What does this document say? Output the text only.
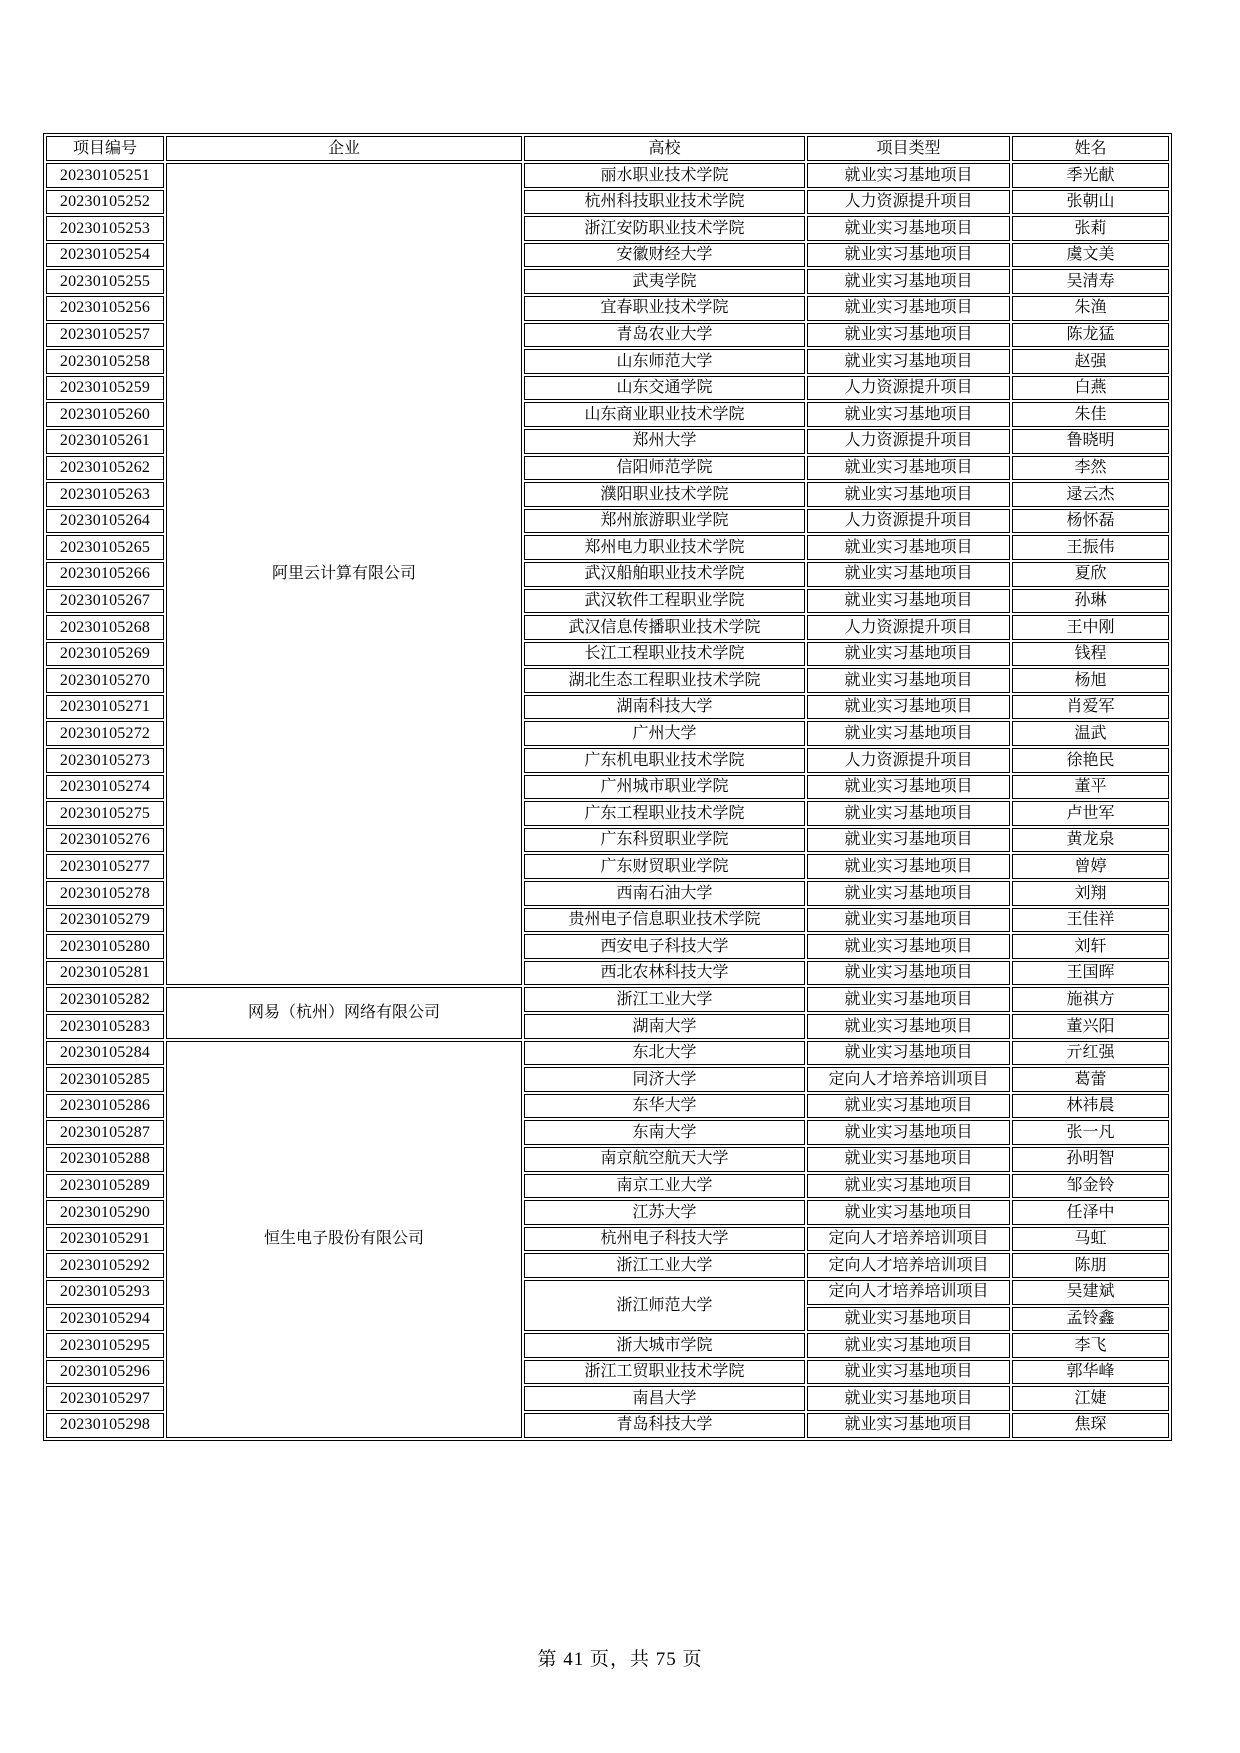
项目编号	企业	高校	项目类型	姓名
20230105251	阿里云计算有限公司	丽水职业技术学院	就业实习基地项目	季光献
20230105252		杭州科技职业技术学院	人力资源提升项目	张朝山
20230105253		浙江安防职业技术学院	就业实习基地项目	张莉
20230105254		安徽财经大学	就业实习基地项目	虞文美
20230105255		武夷学院	就业实习基地项目	吴清寿
20230105256		宜春职业技术学院	就业实习基地项目	朱渔
20230105257		青岛农业大学	就业实习基地项目	陈龙猛
20230105258		山东师范大学	就业实习基地项目	赵强
20230105259		山东交通学院	人力资源提升项目	白燕
20230105260		山东商业职业技术学院	就业实习基地项目	朱佳
20230105261		郑州大学	人力资源提升项目	鲁晓明
20230105262		信阳师范学院	就业实习基地项目	李然
20230105263		濮阳职业技术学院	就业实习基地项目	逯云杰
20230105264		郑州旅游职业学院	人力资源提升项目	杨怀磊
20230105265		郑州电力职业技术学院	就业实习基地项目	王振伟
20230105266		武汉船舶职业技术学院	就业实习基地项目	夏欣
20230105267		武汉软件工程职业学院	就业实习基地项目	孙琳
20230105268		武汉信息传播职业技术学院	人力资源提升项目	王中刚
20230105269		长江工程职业技术学院	就业实习基地项目	钱程
20230105270		湖北生态工程职业技术学院	就业实习基地项目	杨旭
20230105271		湖南科技大学	就业实习基地项目	肖爱军
20230105272		广州大学	就业实习基地项目	温武
20230105273		广东机电职业技术学院	人力资源提升项目	徐艳民
20230105274		广州城市职业学院	就业实习基地项目	董平
20230105275		广东工程职业技术学院	就业实习基地项目	卢世军
20230105276		广东科贸职业学院	就业实习基地项目	黄龙泉
20230105277		广东财贸职业学院	就业实习基地项目	曾婷
20230105278		西南石油大学	就业实习基地项目	刘翔
20230105279		贵州电子信息职业技术学院	就业实习基地项目	王佳祥
20230105280		西安电子科技大学	就业实习基地项目	刘轩
20230105281		西北农林科技大学	就业实习基地项目	王国晖
20230105282	网易（杭州）网络有限公司	浙江工业大学	就业实习基地项目	施祺方
20230105283		湖南大学	就业实习基地项目	董兴阳
20230105284	恒生电子股份有限公司	东北大学	就业实习基地项目	亓红强
20230105285		同济大学	定向人才培养培训项目	葛蕾
20230105286		东华大学	就业实习基地项目	林祎晨
20230105287		东南大学	就业实习基地项目	张一凡
20230105288		南京航空航天大学	就业实习基地项目	孙明智
20230105289		南京工业大学	就业实习基地项目	邹金铃
20230105290		江苏大学	就业实习基地项目	任泽中
20230105291		杭州电子科技大学	定向人才培养培训项目	马虹
20230105292		浙江工业大学	定向人才培养培训项目	陈朋
20230105293		浙江师范大学	定向人才培养培训项目	吴建斌
20230105294			就业实习基地项目	孟铃鑫
20230105295		浙大城市学院	就业实习基地项目	李飞
20230105296		浙江工贸职业技术学院	就业实习基地项目	郭华峰
20230105297		南昌大学	就业实习基地项目	江婕
20230105298		青岛科技大学	就业实习基地项目	焦琛
第 41 页，共 75 页
